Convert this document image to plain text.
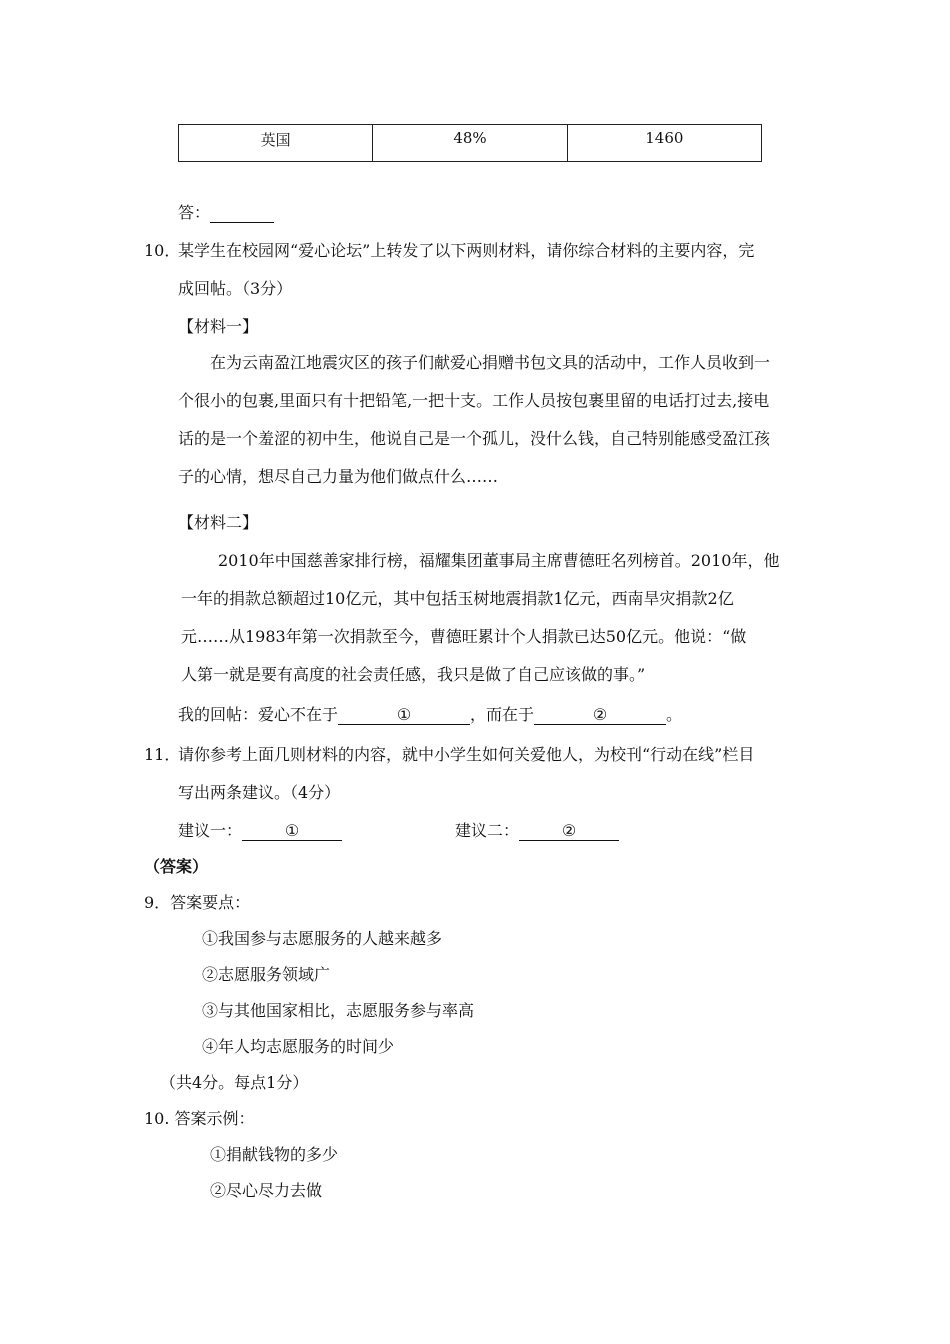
英国	48%	1460
答：
10．
某学生在校园网“爱心论坛”上转发了以下两则材料，请你综合材料的主要内容，完
成回帖。（3分）
【材料一】
在为云南盈江地震灾区的孩子们献爱心捐赠书包文具的活动中，工作人员收到一
个很小的包裹,里面只有十把铅笔,一把十支。工作人员按包裹里留的电话打过去,接电
话的是一个羞涩的初中生，他说自己是一个孤儿，没什么钱，自己特别能感受盈江孩
子的心情，想尽自己力量为他们做点什么……
【材料二】
2010年中国慈善家排行榜，福耀集团董事局主席曹德旺名列榜首。2010年，他
一年的捐款总额超过10亿元，其中包括玉树地震捐款1亿元，西南旱灾捐款2亿
元……从1983年第一次捐款至今，曹德旺累计个人捐款已达50亿元。他说：“做
人第一就是要有高度的社会责任感，我只是做了自己应该做的事。”
我的回帖：爱心不在于	①	，而在于	②	。
11．
请你参考上面几则材料的内容，就中小学生如何关爱他人，为校刊“行动在线”栏目
写出两条建议。（4分）
建议一：	①	建议二：	②
（答案）
9．答案要点：
①我国参与志愿服务的人越来越多
②志愿服务领域广
③与其他国家相比，志愿服务参与率高
④年人均志愿服务的时间少
（共4分。每点1分）
10. 答案示例：
①捐献钱物的多少
②尽心尽力去做
